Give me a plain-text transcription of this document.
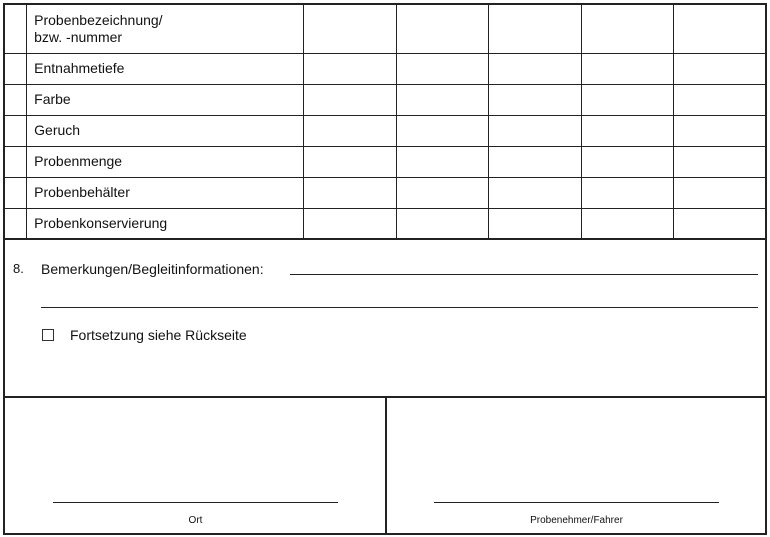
	Probenbezeichnung/
bzw. -nummer					
	Entnahmetiefe					
	Farbe					
	Geruch					
	Probenmenge					
	Probenbehälter					
	Probenkonservierung					
8. Bemerkungen/Begleitinformationen:
Fortsetzung siehe Rückseite
Ort	Probenehmer/Fahrer
